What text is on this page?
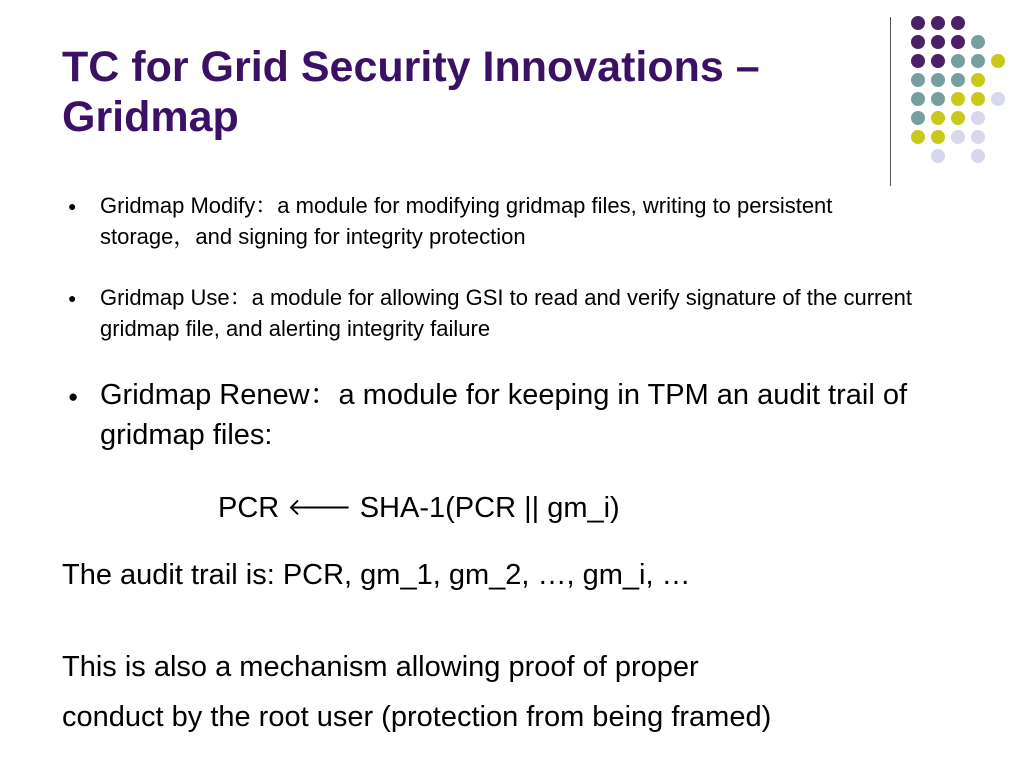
TC for Grid Security Innovations –
Gridmap
● Gridmap Modify：a module for modifying gridmap files, writing to persistent storage，and signing for integrity protection
● Gridmap Use：a module for allowing GSI to read and verify signature of the current gridmap file, and alerting integrity failure
● Gridmap Renew：a module for keeping in TPM an audit trail of gridmap files:
PCR 🡐 SHA-1(PCR || gm_i)
The audit trail is: PCR, gm_1, gm_2, …, gm_i, …
This is also a mechanism allowing proof of proper
conduct by the root user (protection from being framed)
